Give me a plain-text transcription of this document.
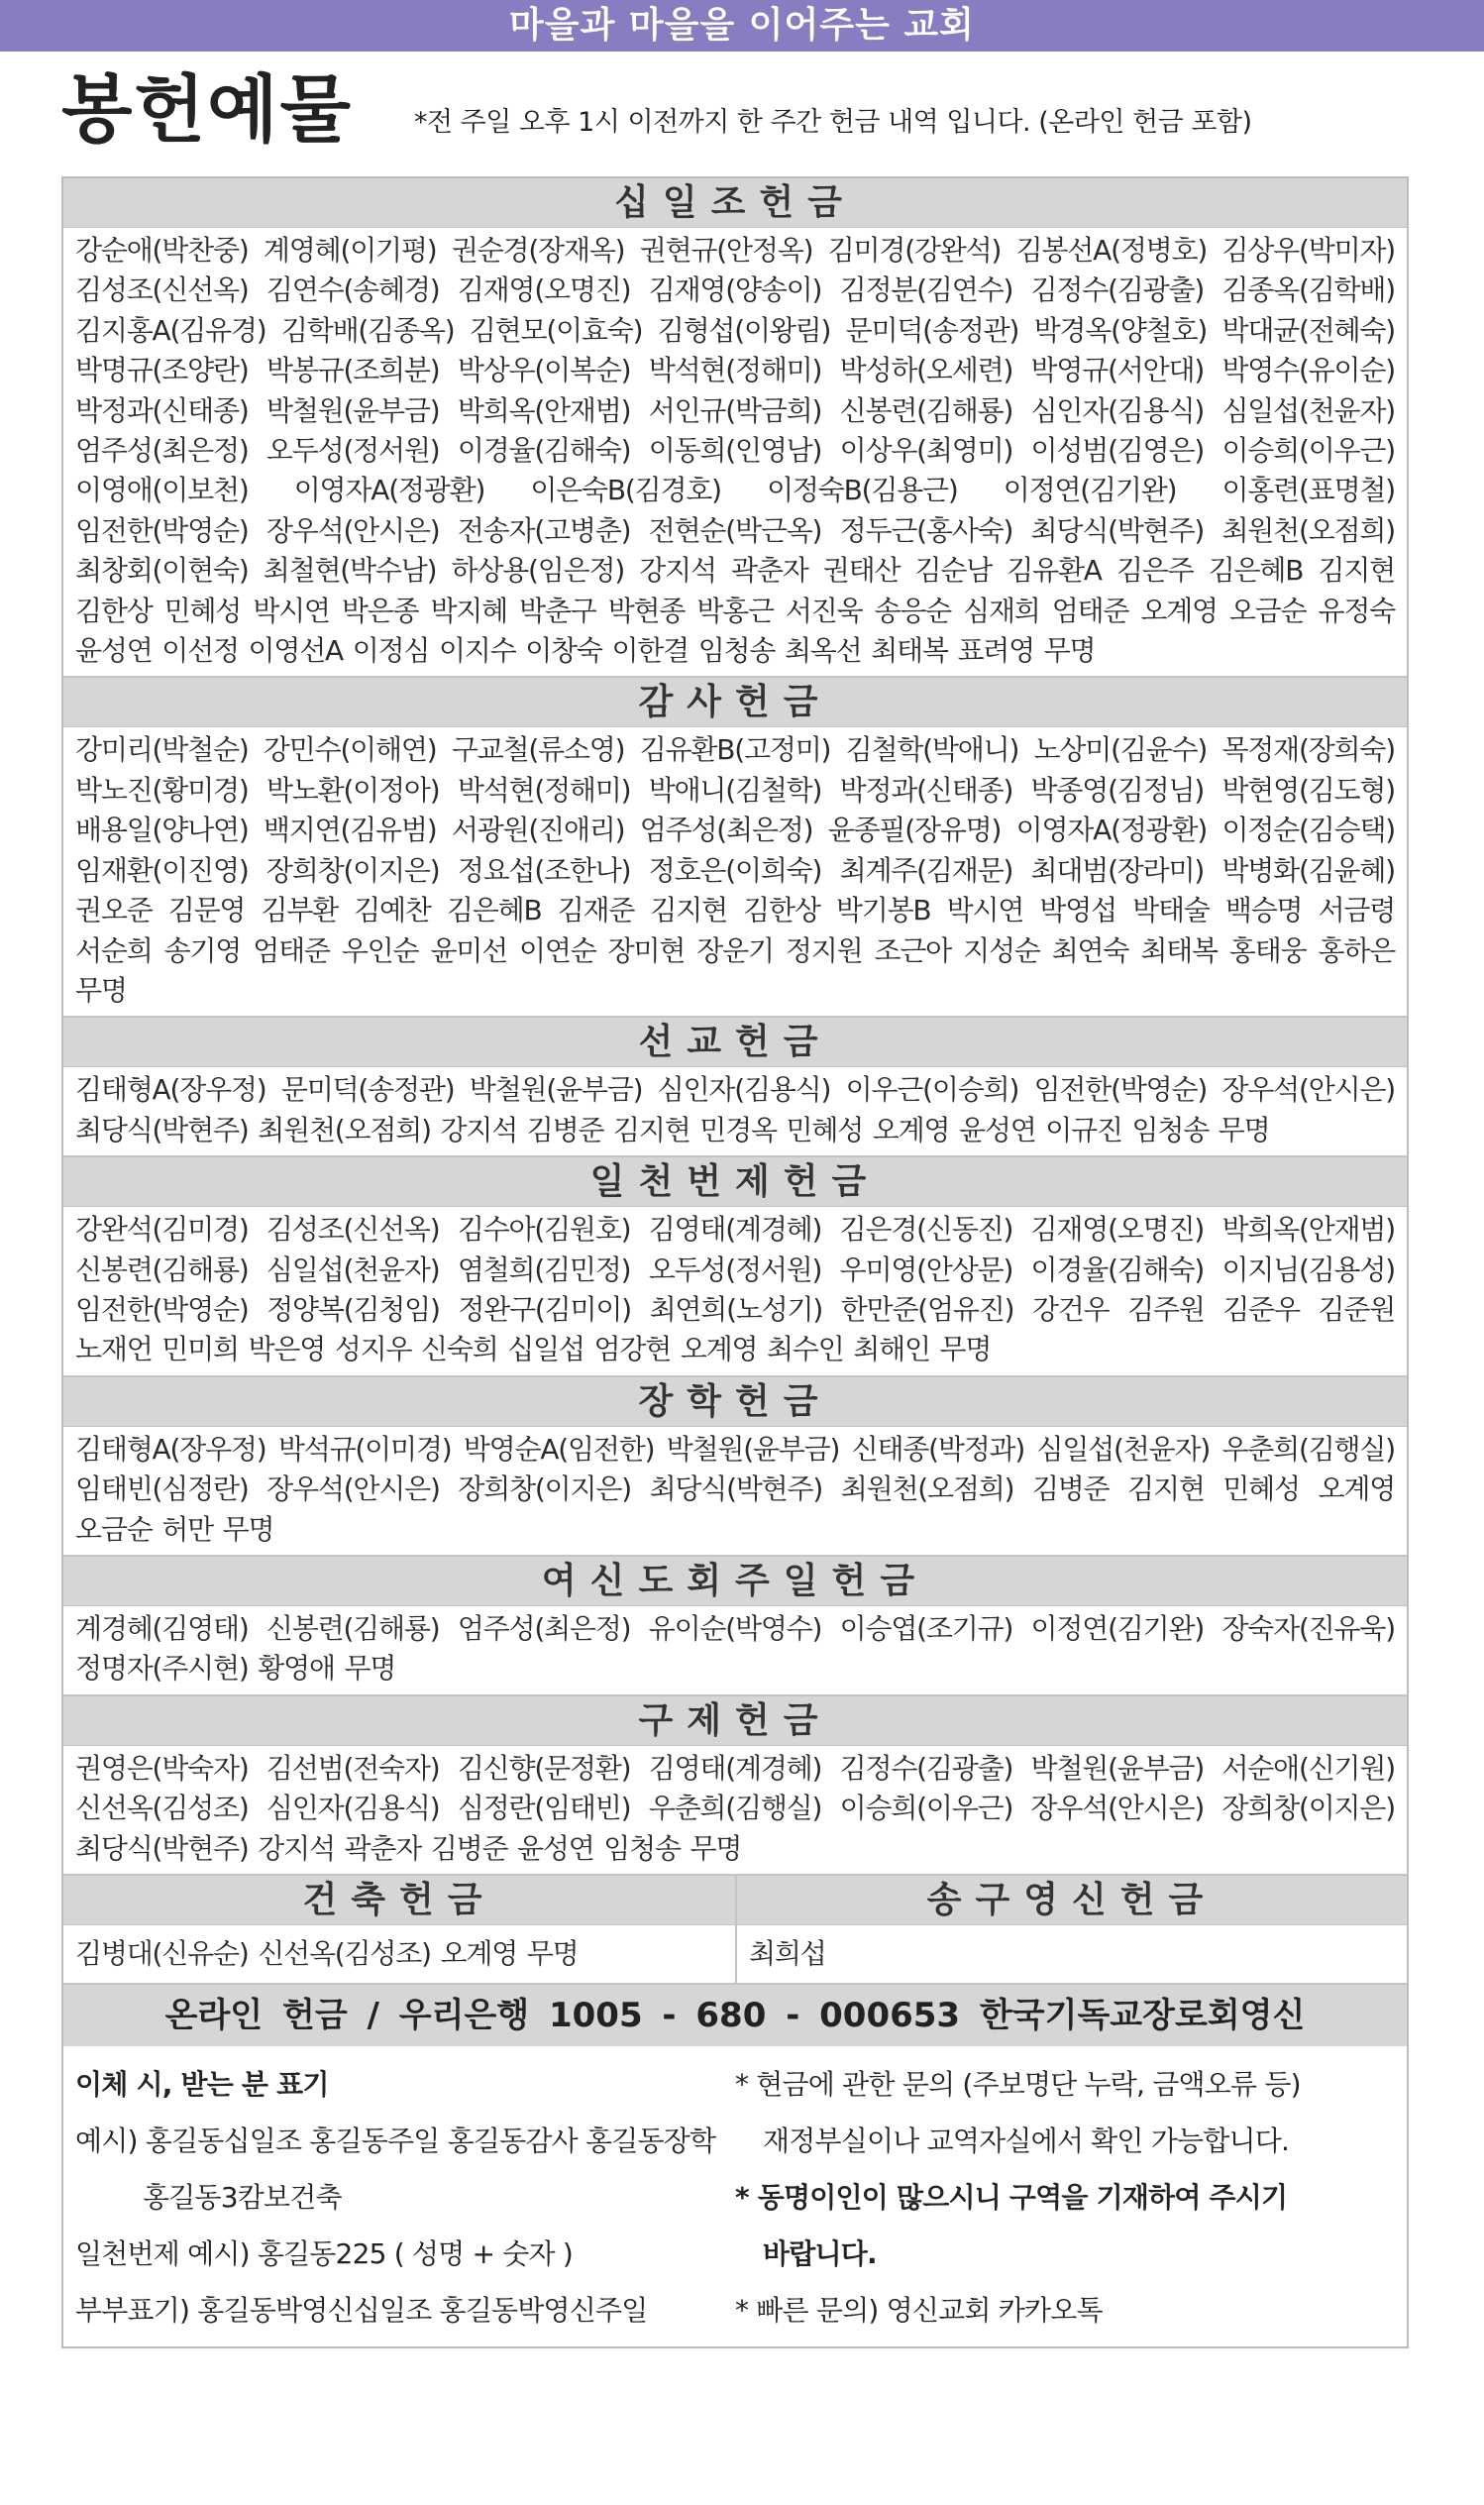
마을과 마을을 이어주는 교회
봉헌예물 *전 주일 오후 1시 이전까지 한 주간 헌금 내역 입니다. (온라인 헌금 포함)
십일조헌금
강순애(박찬중) 계영혜(이기평) 권순경(장재옥) 권현규(안정옥) 김미경(강완석) 김봉선A(정병호) 김상우(박미자) 김성조(신선옥) 김연수(송혜경) 김재영(오명진) 김재영(양송이) 김정분(김연수) 김정수(김광출) 김종옥(김학배) 김지홍A(김유경) 김학배(김종옥) 김현모(이효숙) 김형섭(이왕림) 문미덕(송정관) 박경옥(양철호) 박대균(전혜숙) 박명규(조양란) 박봉규(조희분) 박상우(이복순) 박석현(정해미) 박성하(오세련) 박영규(서안대) 박영수(유이순) 박정과(신태종) 박철원(윤부금) 박희옥(안재범) 서인규(박금희) 신봉련(김해룡) 심인자(김용식) 심일섭(천윤자) 엄주성(최은정) 오두성(정서원) 이경율(김해숙) 이동희(인영남) 이상우(최영미) 이성범(김영은) 이승희(이우근) 이영애(이보천) 이영자A(정광환) 이은숙B(김경호) 이정숙B(김용근) 이정연(김기완) 이홍련(표명철) 임전한(박영순) 장우석(안시은) 전송자(고병춘) 전현순(박근옥) 정두근(홍사숙) 최당식(박현주) 최원천(오점희) 최창회(이현숙) 최철현(박수남) 하상용(임은정) 강지석 곽춘자 권태산 김순남 김유환A 김은주 김은혜B 김지현 김한상 민혜성 박시연 박은종 박지혜 박춘구 박현종 박홍근 서진욱 송응순 심재희 엄태준 오계영 오금순 유정숙 윤성연 이선정 이영선A 이정심 이지수 이창숙 이한결 임청송 최옥선 최태복 표려영 무명
감사헌금
강미리(박철순) 강민수(이해연) 구교철(류소영) 김유환B(고정미) 김철학(박애니) 노상미(김윤수) 목정재(장희숙) 박노진(황미경) 박노환(이정아) 박석현(정해미) 박애니(김철학) 박정과(신태종) 박종영(김정님) 박현영(김도형) 배용일(양나연) 백지연(김유범) 서광원(진애리) 엄주성(최은정) 윤종필(장유명) 이영자A(정광환) 이정순(김승택) 임재환(이진영) 장희창(이지은) 정요섭(조한나) 정호은(이희숙) 최계주(김재문) 최대범(장라미) 박병화(김윤혜) 권오준 김문영 김부환 김예찬 김은혜B 김재준 김지현 김한상 박기봉B 박시연 박영섭 박태술 백승명 서금령 서순희 송기영 엄태준 우인순 윤미선 이연순 장미현 장운기 정지원 조근아 지성순 최연숙 최태복 홍태웅 홍하은 무명
선교헌금
김태형A(장우정) 문미덕(송정관) 박철원(윤부금) 심인자(김용식) 이우근(이승희) 임전한(박영순) 장우석(안시은) 최당식(박현주) 최원천(오점희) 강지석 김병준 김지현 민경옥 민혜성 오계영 윤성연 이규진 임청송 무명
일천번제헌금
강완석(김미경) 김성조(신선옥) 김수아(김원호) 김영태(계경혜) 김은경(신동진) 김재영(오명진) 박희옥(안재범) 신봉련(김해룡) 심일섭(천윤자) 염철희(김민정) 오두성(정서원) 우미영(안상문) 이경율(김해숙) 이지님(김용성) 임전한(박영순) 정양복(김청임) 정완구(김미이) 최연희(노성기) 한만준(엄유진) 강건우 김주원 김준우 김준원 노재언 민미희 박은영 성지우 신숙희 십일섭 엄강현 오계영 최수인 최해인 무명
장학헌금
김태형A(장우정) 박석규(이미경) 박영순A(임전한) 박철원(윤부금) 신태종(박정과) 심일섭(천윤자) 우춘희(김행실) 임태빈(심정란) 장우석(안시은) 장희창(이지은) 최당식(박현주) 최원천(오점희) 김병준 김지현 민혜성 오계영 오금순 허만 무명
여신도회주일헌금
계경혜(김영태) 신봉련(김해룡) 엄주성(최은정) 유이순(박영수) 이승엽(조기규) 이정연(김기완) 장숙자(진유욱) 정명자(주시현) 황영애 무명
구제헌금
권영은(박숙자) 김선범(전숙자) 김신향(문정환) 김영태(계경혜) 김정수(김광출) 박철원(윤부금) 서순애(신기원) 신선옥(김성조) 심인자(김용식) 심정란(임태빈) 우춘희(김행실) 이승희(이우근) 장우석(안시은) 장희창(이지은) 최당식(박현주) 강지석 곽춘자 김병준 윤성연 임청송 무명
건축헌금
김병대(신유순) 신선옥(김성조) 오계영 무명
송구영신헌금
최희섭
온라인 헌금 / 우리은행 1005 - 680 - 000653 한국기독교장로회영신
이체 시, 받는 분 표기
예시) 홍길동십일조 홍길동주일 홍길동감사 홍길동장학
홍길동3캄보건축
일천번제 예시) 홍길동225 ( 성명 + 숫자 )
부부표기) 홍길동박영신십일조 홍길동박영신주일
* 현금에 관한 문의 (주보명단 누락, 금액오류 등)
재정부실이나 교역자실에서 확인 가능합니다.
* 동명이인이 많으시니 구역을 기재하여 주시기
바랍니다.
* 빠른 문의) 영신교회 카카오톡
